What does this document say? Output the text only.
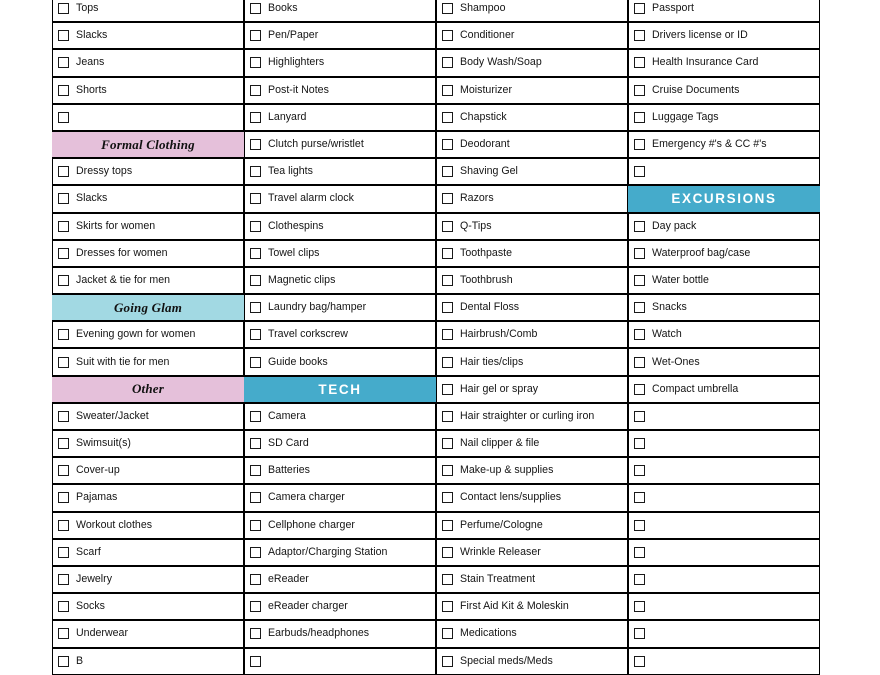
Tops	Books	Shampoo	Passport

Slacks	Pen/Paper	Conditioner	Drivers license or ID

Jeans	Highlighters	Body Wash/Soap	Health Insurance Card

Shorts	Post-it Notes	Moisturizer	Cruise Documents

	Lanyard	Chapstick	Luggage Tags

Formal Clothing	Clutch purse/wristlet	Deodorant	Emergency #'s & CC #'s

Dressy tops	Tea lights	Shaving Gel	

Slacks	Travel alarm clock	Razors	EXCURSIONS

Skirts for women	Clothespins	Q-Tips	Day pack

Dresses for women	Towel clips	Toothpaste	Waterproof bag/case

Jacket & tie for men	Magnetic clips	Toothbrush	Water bottle

Going Glam	Laundry bag/hamper	Dental Floss	Snacks

Evening gown for women	Travel corkscrew	Hairbrush/Comb	Watch

Suit with tie for men	Guide books	Hair ties/clips	Wet-Ones

Other	TECH	Hair gel or spray	Compact umbrella

Sweater/Jacket	Camera	Hair straighter or curling iron	

Swimsuit(s)	SD Card	Nail clipper & file	

Cover-up	Batteries	Make-up & supplies	

Pajamas	Camera charger	Contact lens/supplies	

Workout clothes	Cellphone charger	Perfume/Cologne	

Scarf	Adaptor/Charging Station	Wrinkle Releaser	

Jewelry	eReader	Stain Treatment	

Socks	eReader charger	First Aid Kit & Moleskin	

Underwear	Earbuds/headphones	Medications	

B		Special meds/Meds	
